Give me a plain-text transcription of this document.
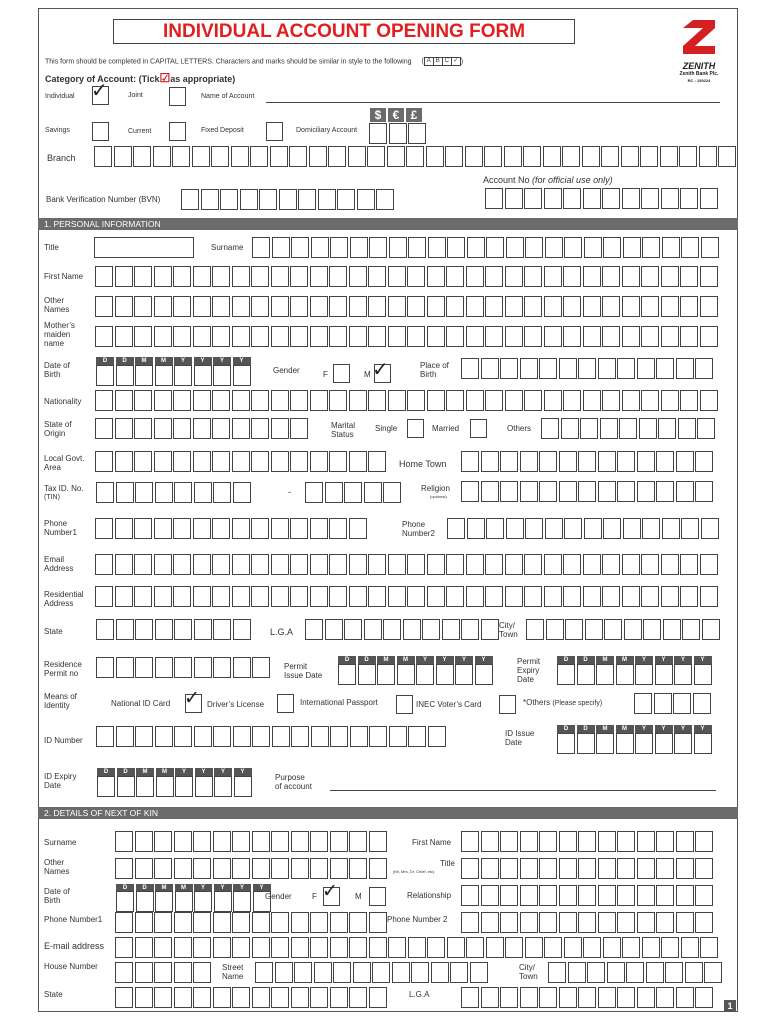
INDIVIDUAL ACCOUNT OPENING FORM
ZENITH
Zenith Bank Plc.
RC : 150224
This form should be completed in CAPITAL LETTERS. Characters and marks should be similar in style to the following ( A B C ✓ )
Category of Account: (Tick☑as appropriate)
Individual ✓	Joint	Name of Account
$ € £
Savings	Current	Fixed Deposit	Domiciliary Account
Branch
Account No (for official use only)
Bank Verification Number (BVN)
1. PERSONAL INFORMATION
Title	Surname
First Name
Other
Names
Mother’s
maiden
name
Date of
Birth
D	D	M	M	Y	Y	Y	Y
Gender	F	M ✓	Place of
Birth
Nationality
State of
Origin
Marital
Status
Single	Married	Others
Local Govt.
Area	Home Town
Tax ID. No.
(TIN)
-	Religion
(optional)
Phone
Number1
Phone
Number2
Email
Address
Residential
Address
State	L.G.A
City/
Town
Residence
Permit no
Permit
Issue Date
D	D	M	M	Y	Y	Y	Y	Permit
Expiry
Date
D	D	M	M	Y	Y	Y	Y
Means of
Identity	National ID Card ✓ Driver’s License	International Passport	INEC Voter’s Card	*Others (Please specify)
ID Number
ID Issue
Date
D	D	M	M	Y	Y	Y	Y
ID Expiry
Date
D	D	M	M	Y	Y	Y	Y
Purpose
of account
2. DETAILS OF NEXT OF KIN
Surname	First Name
Other
Names
Title
(Mr, Mrs, Dr, Chief, etc)
Date of
Birth
D	D	M	M	Y	Y	Y	Y
Gender	F ✓ M	Relationship
Phone Number1	Phone Number 2
E-mail address
House Number	Street
Name
City/
Town
State	L.G.A
1
